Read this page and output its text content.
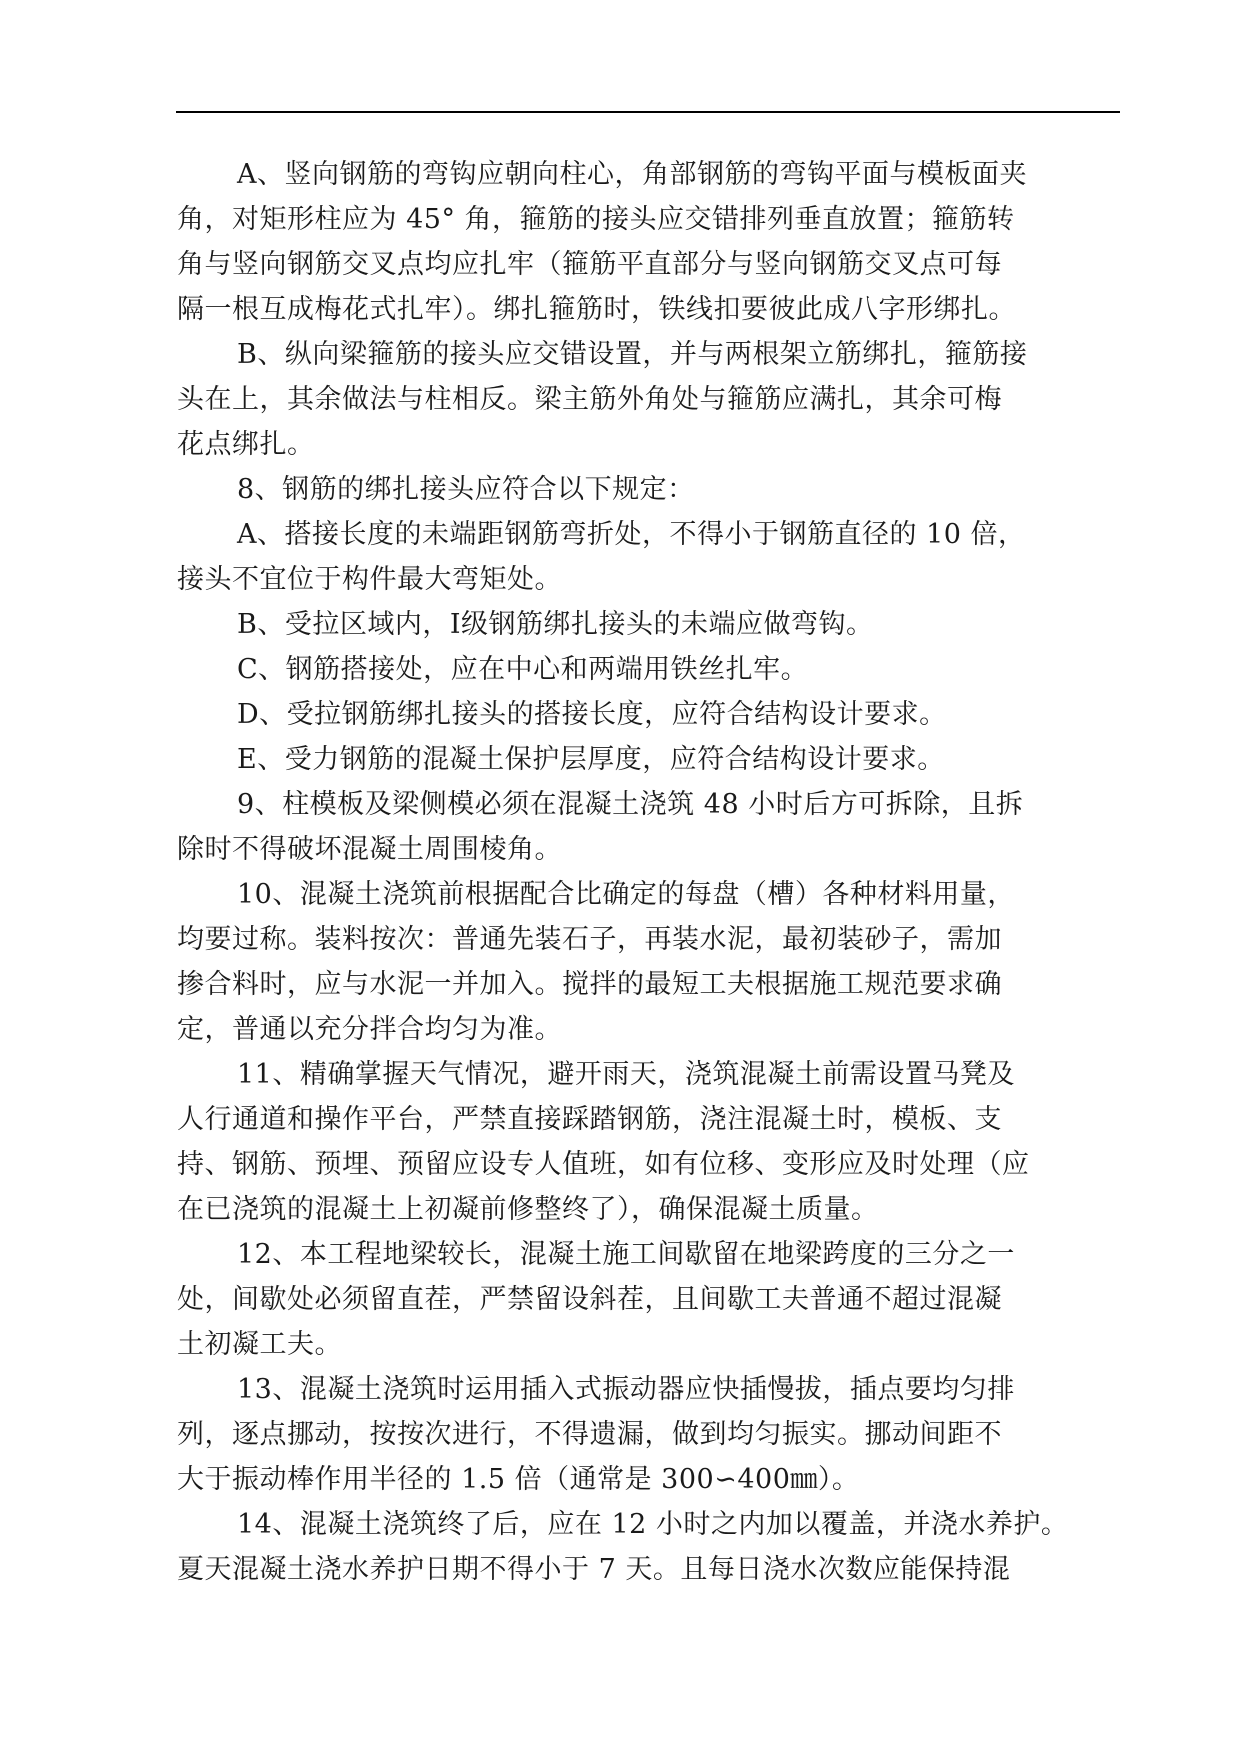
A、竖向钢筋的弯钩应朝向柱心，角部钢筋的弯钩平面与模板面夹
角，对矩形柱应为 45° 角，箍筋的接头应交错排列垂直放置；箍筋转
角与竖向钢筋交叉点均应扎牢（箍筋平直部分与竖向钢筋交叉点可每
隔一根互成梅花式扎牢）。绑扎箍筋时，铁线扣要彼此成八字形绑扎。

B、纵向梁箍筋的接头应交错设置，并与两根架立筋绑扎，箍筋接
头在上，其余做法与柱相反。梁主筋外角处与箍筋应满扎，其余可梅
花点绑扎。

8、钢筋的绑扎接头应符合以下规定：

A、搭接长度的未端距钢筋弯折处，不得小于钢筋直径的 10 倍，
接头不宜位于构件最大弯矩处。

B、受拉区域内，Ⅰ级钢筋绑扎接头的未端应做弯钩。

C、钢筋搭接处，应在中心和两端用铁丝扎牢。

D、受拉钢筋绑扎接头的搭接长度，应符合结构设计要求。

E、受力钢筋的混凝土保护层厚度，应符合结构设计要求。

9、柱模板及梁侧模必须在混凝土浇筑 48 小时后方可拆除，且拆
除时不得破坏混凝土周围棱角。

10、混凝土浇筑前根据配合比确定的每盘（槽）各种材料用量，
均要过称。装料按次：普通先装石子，再装水泥，最初装砂子，需加
掺合料时，应与水泥一并加入。搅拌的最短工夫根据施工规范要求确
定，普通以充分拌合均匀为准。

11、精确掌握天气情况，避开雨天，浇筑混凝土前需设置马凳及
人行通道和操作平台，严禁直接踩踏钢筋，浇注混凝土时，模板、支
持、钢筋、预埋、预留应设专人值班，如有位移、变形应及时处理（应
在已浇筑的混凝土上初凝前修整终了），确保混凝土质量。

12、本工程地梁较长，混凝土施工间歇留在地梁跨度的三分之一
处，间歇处必须留直茬，严禁留设斜茬，且间歇工夫普通不超过混凝
土初凝工夫。

13、混凝土浇筑时运用插入式振动器应快插慢拔，插点要均匀排
列，逐点挪动，按按次进行，不得遗漏，做到均匀振实。挪动间距不
大于振动棒作用半径的 1.5 倍（通常是 300∽400㎜）。

14、混凝土浇筑终了后，应在 12 小时之内加以覆盖，并浇水养护。
夏天混凝土浇水养护日期不得小于 7 天。且每日浇水次数应能保持混
